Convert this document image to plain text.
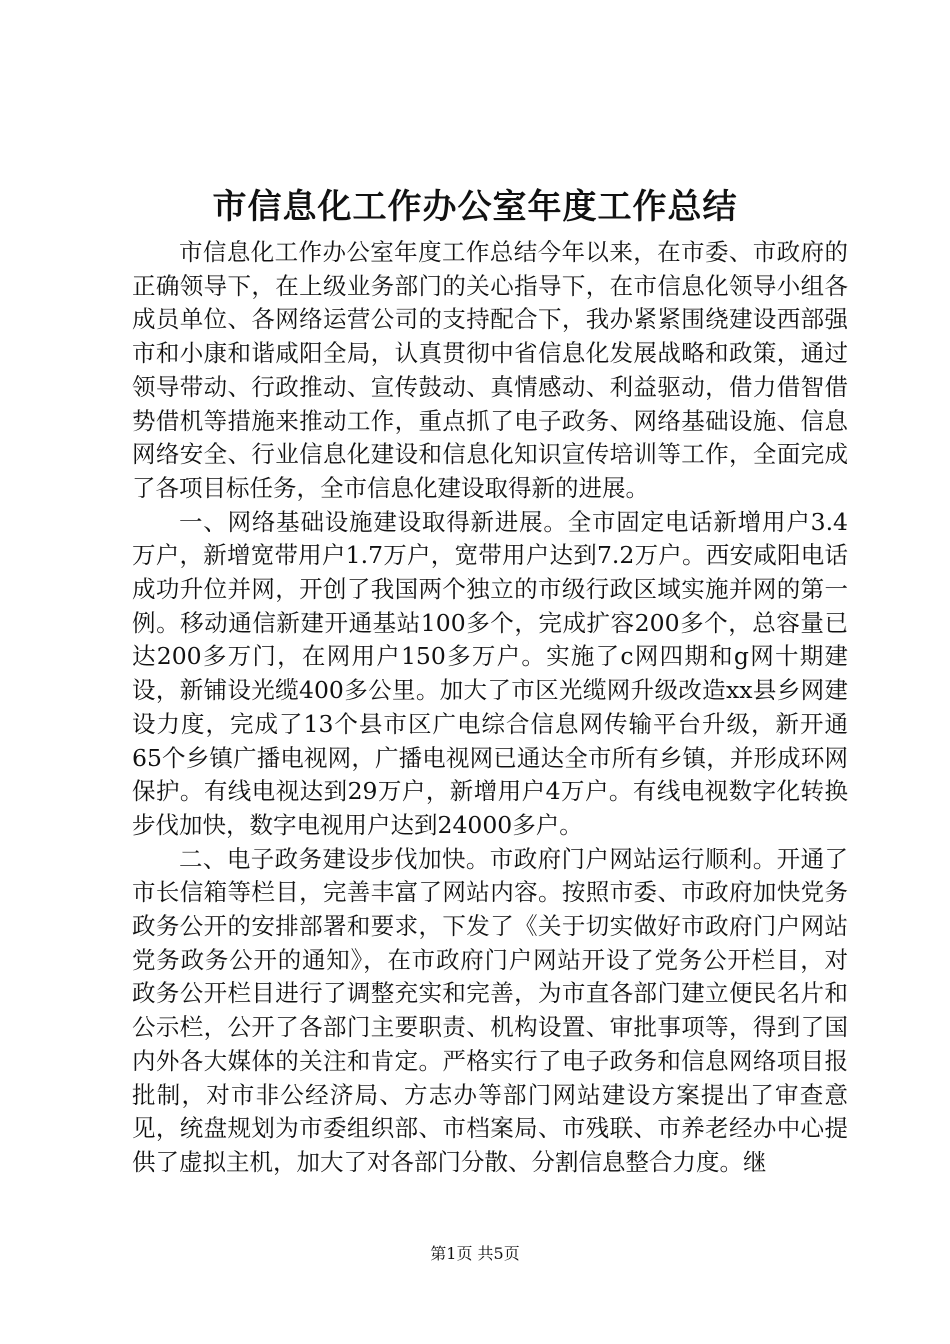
市信息化工作办公室年度工作总结

市信息化工作办公室年度工作总结今年以来，在市委、市政府的正确领导下，在上级业务部门的关心指导下，在市信息化领导小组各成员单位、各网络运营公司的支持配合下，我办紧紧围绕建设西部强市和小康和谐咸阳全局，认真贯彻中省信息化发展战略和政策，通过领导带动、行政推动、宣传鼓动、真情感动、利益驱动，借力借智借势借机等措施来推动工作，重点抓了电子政务、网络基础设施、信息网络安全、行业信息化建设和信息化知识宣传培训等工作，全面完成了各项目标任务，全市信息化建设取得新的进展。

一、网络基础设施建设取得新进展。全市固定电话新增用户3.4万户，新增宽带用户1.7万户，宽带用户达到7.2万户。西安咸阳电话成功升位并网，开创了我国两个独立的市级行政区域实施并网的第一例。移动通信新建开通基站100多个，完成扩容200多个，总容量已达200多万门，在网用户150多万户。实施了c网四期和g网十期建设，新铺设光缆400多公里。加大了市区光缆网升级改造xx县乡网建设力度，完成了13个县市区广电综合信息网传输平台升级，新开通65个乡镇广播电视网，广播电视网已通达全市所有乡镇，并形成环网保护。有线电视达到29万户，新增用户4万户。有线电视数字化转换步伐加快，数字电视用户达到24000多户。

二、电子政务建设步伐加快。市政府门户网站运行顺利。开通了市长信箱等栏目，完善丰富了网站内容。按照市委、市政府加快党务政务公开的安排部署和要求，下发了《关于切实做好市政府门户网站党务政务公开的通知》，在市政府门户网站开设了党务公开栏目，对政务公开栏目进行了调整充实和完善，为市直各部门建立便民名片和公示栏，公开了各部门主要职责、机构设置、审批事项等，得到了国内外各大媒体的关注和肯定。严格实行了电子政务和信息网络项目报批制，对市非公经济局、方志办等部门网站建设方案提出了审查意见，统盘规划为市委组织部、市档案局、市残联、市养老经办中心提供了虚拟主机，加大了对各部门分散、分割信息整合力度。继

第1页 共5页
